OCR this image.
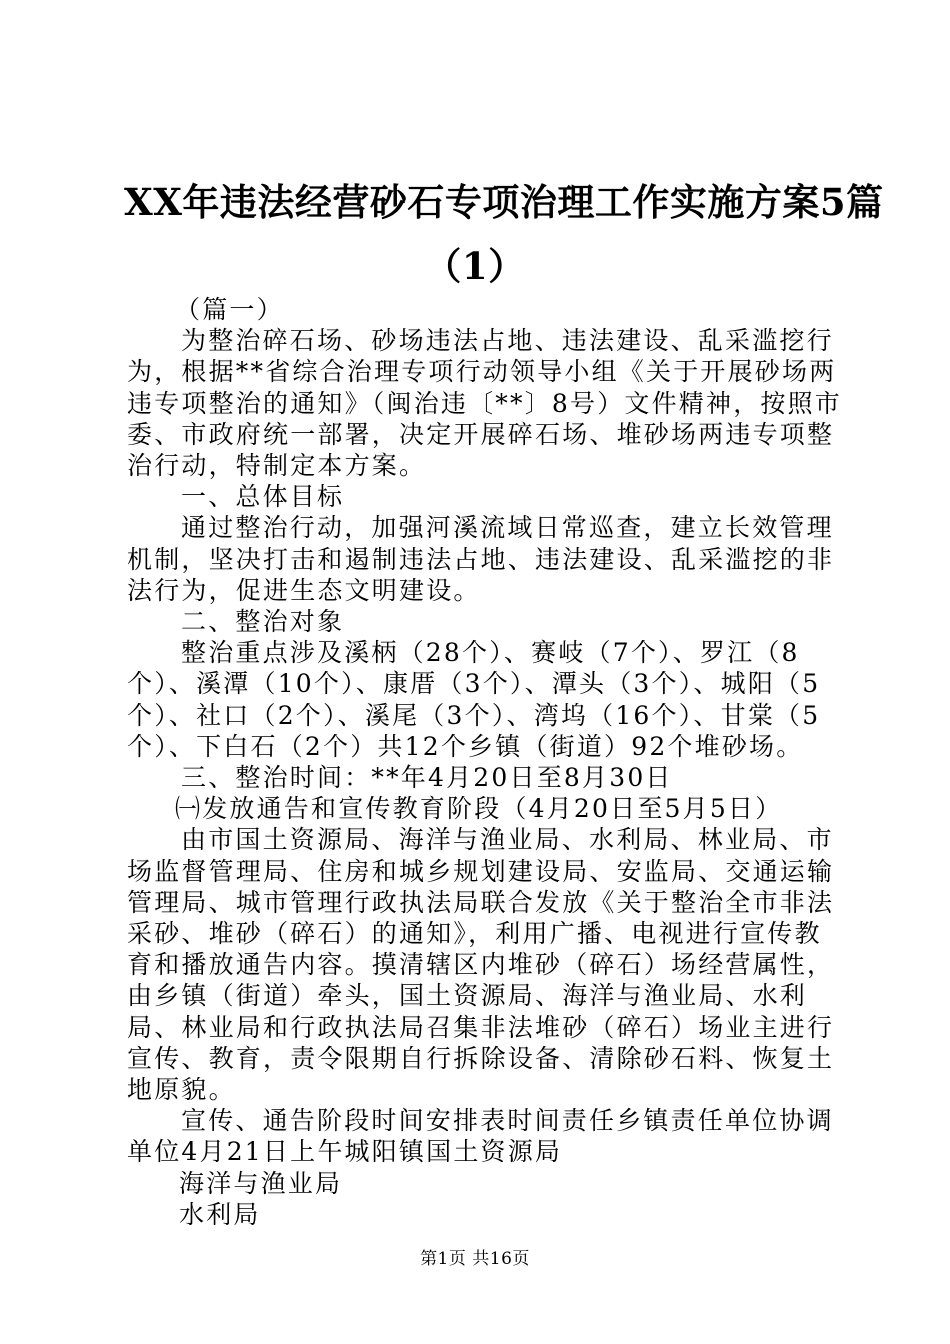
XX年违法经营砂石专项治理工作实施方案5篇
（1）

（篇一）

为整治碎石场、砂场违法占地、违法建设、乱采滥挖行为，根据**省综合治理专项行动领导小组《关于开展砂场两违专项整治的通知》（闽治违〔**〕8号）文件精神，按照市委、市政府统一部署，决定开展碎石场、堆砂场两违专项整治行动，特制定本方案。

一、总体目标

通过整治行动，加强河溪流域日常巡查，建立长效管理机制，坚决打击和遏制违法占地、违法建设、乱采滥挖的非法行为，促进生态文明建设。

二、整治对象

整治重点涉及溪柄（28个）、赛岐（7个）、罗江（8个）、溪潭（10个）、康厝（3个）、潭头（3个）、城阳（5个）、社口（2个）、溪尾（3个）、湾坞（16个）、甘棠（5个）、下白石（2个）共12个乡镇（街道）92个堆砂场。

三、整治时间：**年4月20日至8月30日

㈠发放通告和宣传教育阶段（4月20日至5月5日）

由市国土资源局、海洋与渔业局、水利局、林业局、市场监督管理局、住房和城乡规划建设局、安监局、交通运输管理局、城市管理行政执法局联合发放《关于整治全市非法采砂、堆砂（碎石）的通知》，利用广播、电视进行宣传教育和播放通告内容。摸清辖区内堆砂（碎石）场经营属性，由乡镇（街道）牵头，国土资源局、海洋与渔业局、水利局、林业局和行政执法局召集非法堆砂（碎石）场业主进行宣传、教育，责令限期自行拆除设备、清除砂石料、恢复土地原貌。

宣传、通告阶段时间安排表时间责任乡镇责任单位协调单位4月21日上午城阳镇国土资源局

海洋与渔业局

水利局

第1页 共16页
